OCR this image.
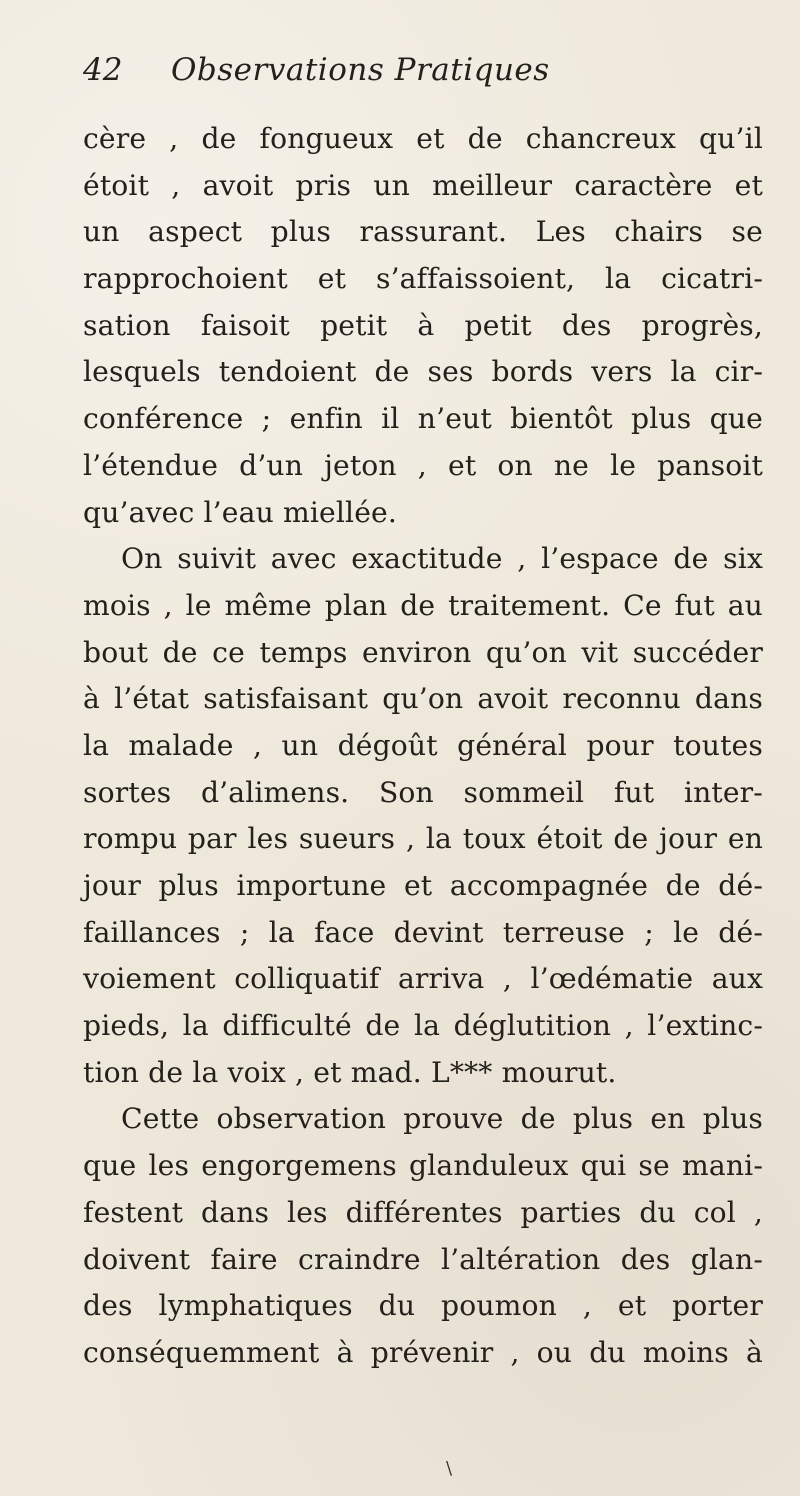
42 Observations Pratiques
cère , de fongueux et de chancreux qu’il
étoit , avoit pris un meilleur caractère et
un aspect plus rassurant. Les chairs se
rapprochoient et s’affaissoient, la cicatri-
sation faisoit petit à petit des progrès,
lesquels tendoient de ses bords vers la cir-
conférence ; enfin il n’eut bientôt plus que
l’étendue d’un jeton , et on ne le pansoit
qu’avec l’eau miellée.
On suivit avec exactitude , l’espace de six
mois , le même plan de traitement. Ce fut au
bout de ce temps environ qu’on vit succéder
à l’état satisfaisant qu’on avoit reconnu dans
la malade , un dégoût général pour toutes
sortes d’alimens. Son sommeil fut inter-
rompu par les sueurs , la toux étoit de jour en
jour plus importune et accompagnée de dé-
faillances ; la face devint terreuse ; le dé-
voiement colliquatif arriva , l’œdématie aux
pieds, la difficulté de la déglutition , l’extinc-
tion de la voix , et mad. L*** mourut.
Cette observation prouve de plus en plus
que les engorgemens glanduleux qui se mani-
festent dans les différentes parties du col ,
doivent faire craindre l’altération des glan-
des lymphatiques du poumon , et porter
conséquemment à prévenir , ou du moins à
\
